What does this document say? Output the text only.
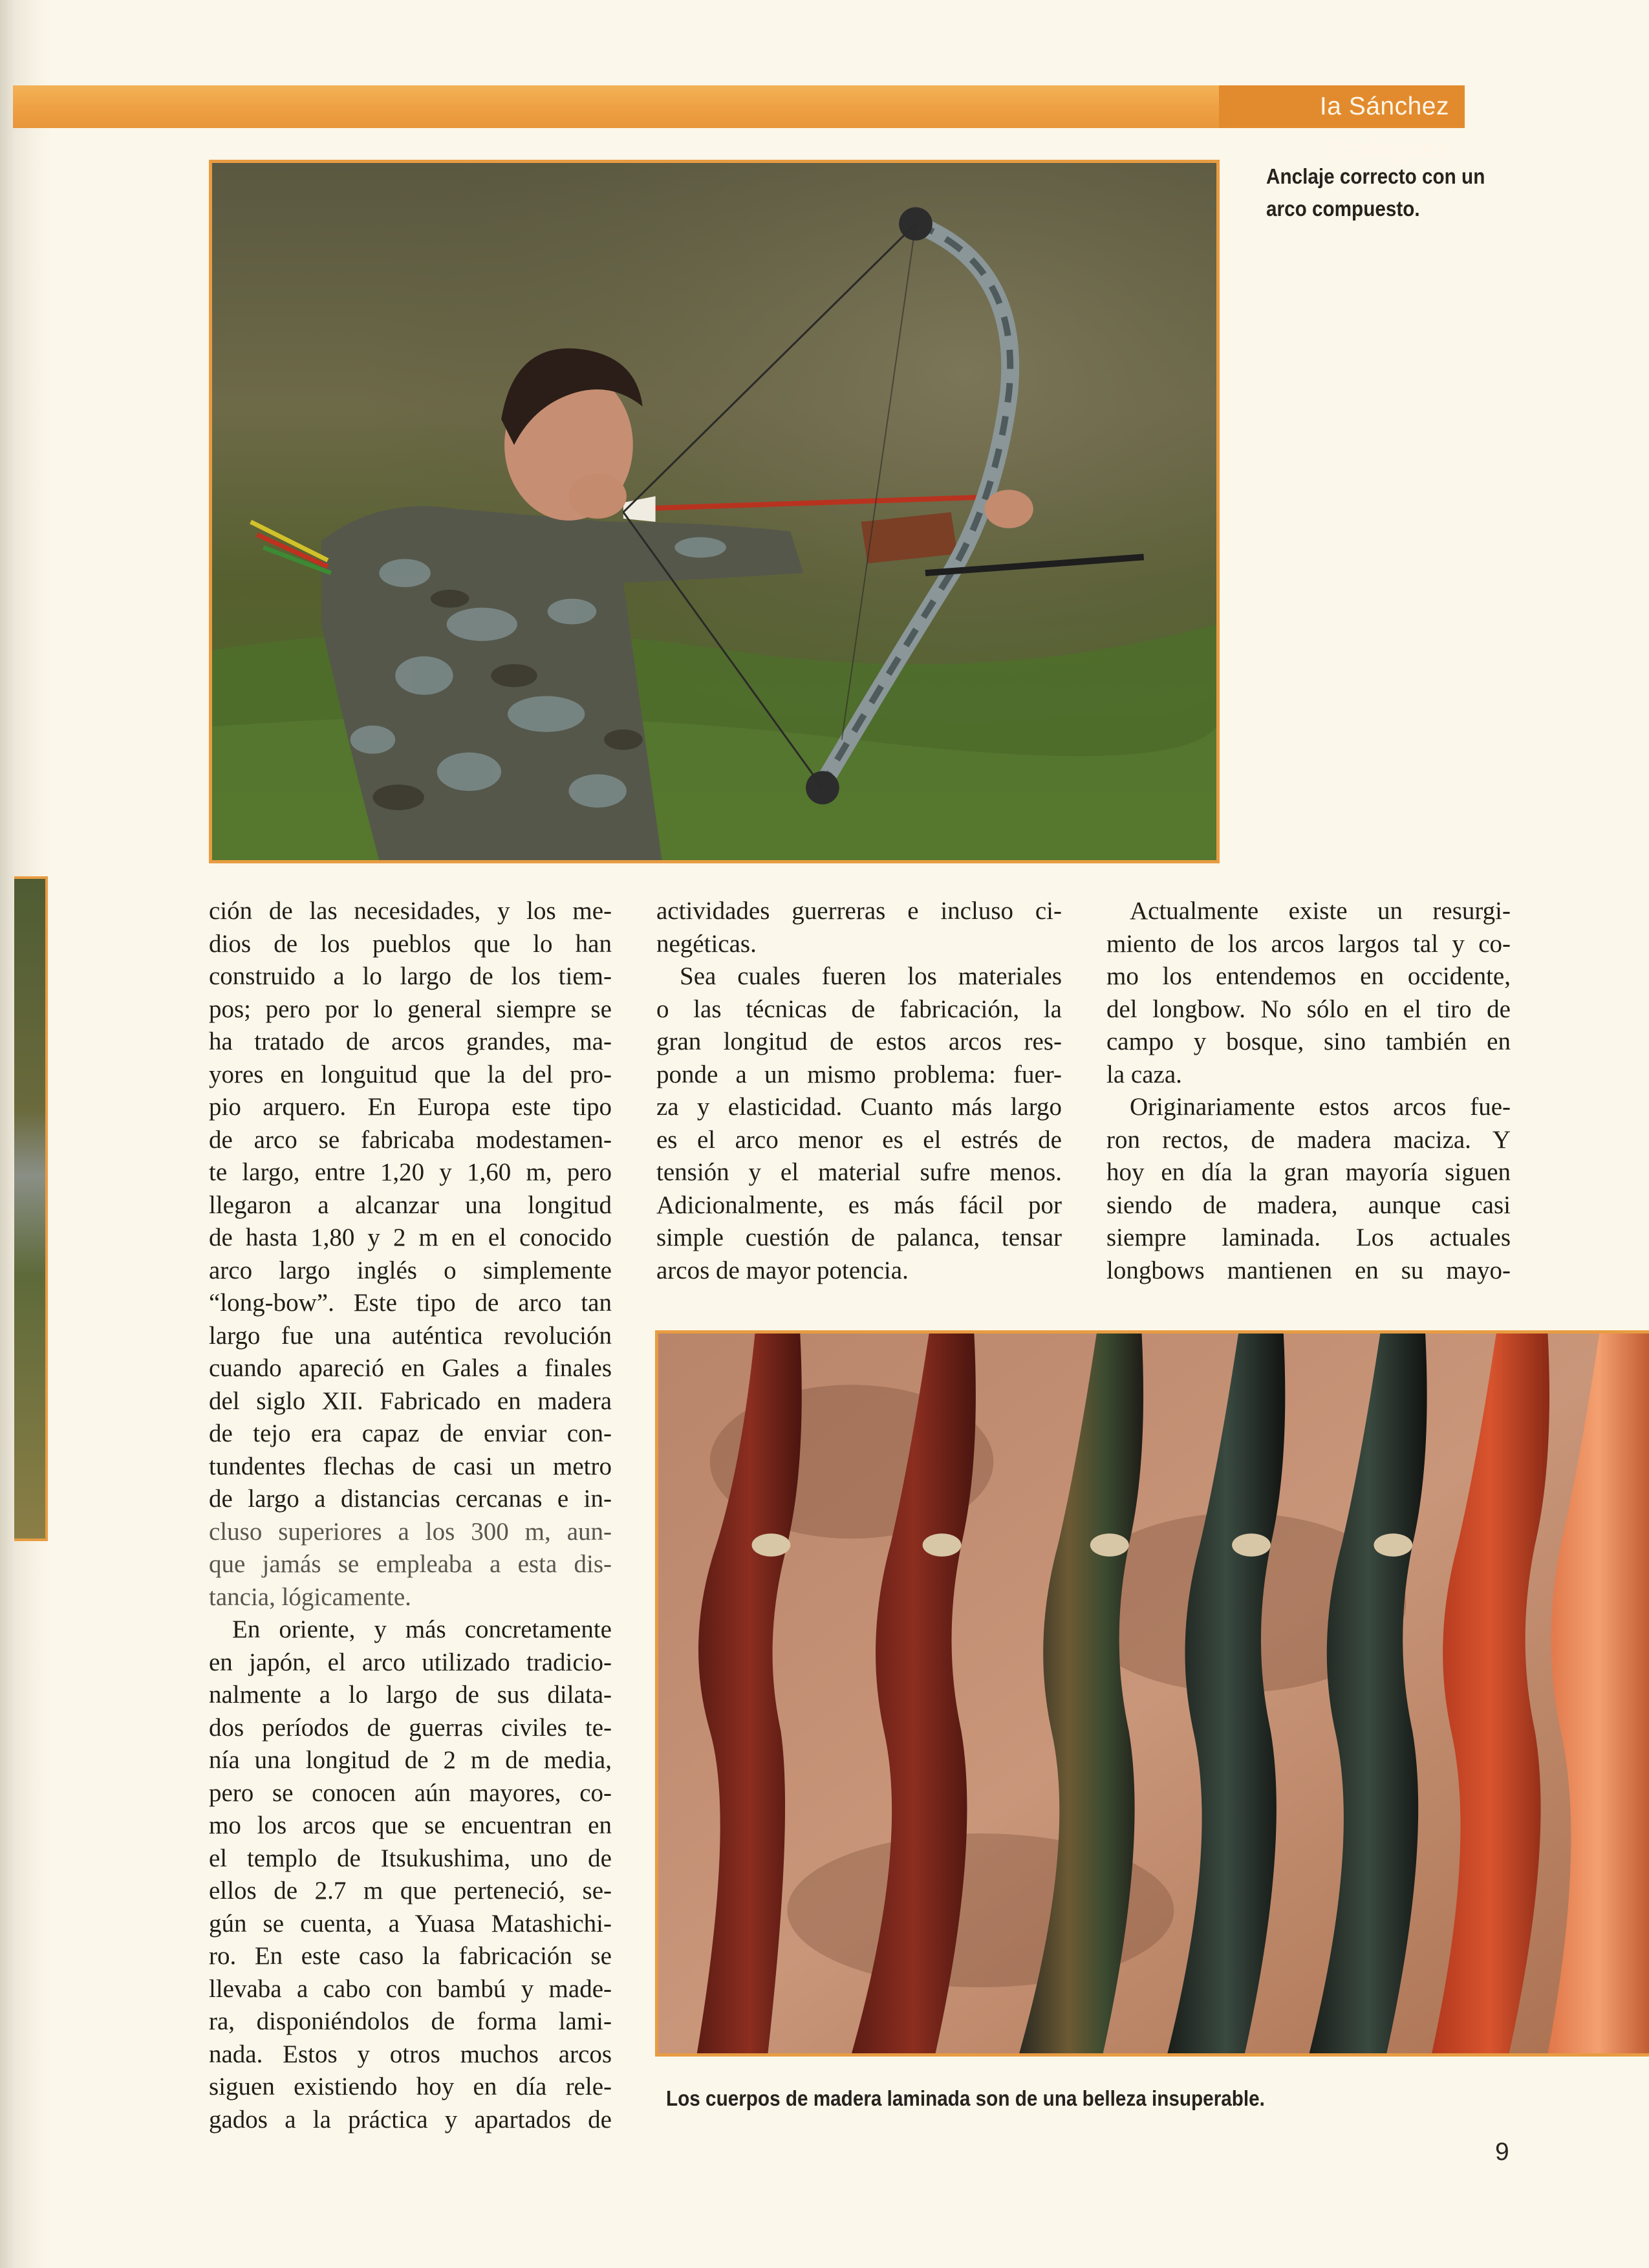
Ia Sánchez Rodriguez
Anclaje correcto con un
arco compuesto.

ción de las necesidades, y los me-
dios de los pueblos que lo han
construido a lo largo de los tiem-
pos; pero por lo general siempre se
ha tratado de arcos grandes, ma-
yores en longuitud que la del pro-
pio arquero. En Europa este tipo
de arco se fabricaba modestamen-
te largo, entre 1,20 y 1,60 m, pero
llegaron a alcanzar una longitud
de hasta 1,80 y 2 m en el conocido
arco largo inglés o simplemente
“long-bow”. Este tipo de arco tan
largo fue una auténtica revolución
cuando apareció en Gales a finales
del siglo XII. Fabricado en madera
de tejo era capaz de enviar con-
tundentes flechas de casi un metro
de largo a distancias cercanas e in-
cluso superiores a los 300 m, aun-
que jamás se empleaba a esta dis-
tancia, lógicamente.

En oriente, y más concretamente
en japón, el arco utilizado tradicio-
nalmente a lo largo de sus dilata-
dos períodos de guerras civiles te-
nía una longitud de 2 m de media,
pero se conocen aún mayores, co-
mo los arcos que se encuentran en
el templo de Itsukushima, uno de
ellos de 2.7 m que perteneció, se-
gún se cuenta, a Yuasa Matashichi-
ro. En este caso la fabricación se
llevaba a cabo con bambú y made-
ra, disponiéndolos de forma lami-
nada. Estos y otros muchos arcos
siguen existiendo hoy en día rele-
gados a la práctica y apartados de

actividades guerreras e incluso ci-
negéticas.

Sea cuales fueren los materiales
o las técnicas de fabricación, la
gran longitud de estos arcos res-
ponde a un mismo problema: fuer-
za y elasticidad. Cuanto más largo
es el arco menor es el estrés de
tensión y el material sufre menos.
Adicionalmente, es más fácil por
simple cuestión de palanca, tensar
arcos de mayor potencia.

Actualmente existe un resurgi-
miento de los arcos largos tal y co-
mo los entendemos en occidente,
del longbow. No sólo en el tiro de
campo y bosque, sino también en
la caza.

Originariamente estos arcos fue-
ron rectos, de madera maciza. Y
hoy en día la gran mayoría siguen
siendo de madera, aunque casi
siempre laminada. Los actuales
longbows mantienen en su mayo-

Los cuerpos de madera laminada son de una belleza insuperable.
9
